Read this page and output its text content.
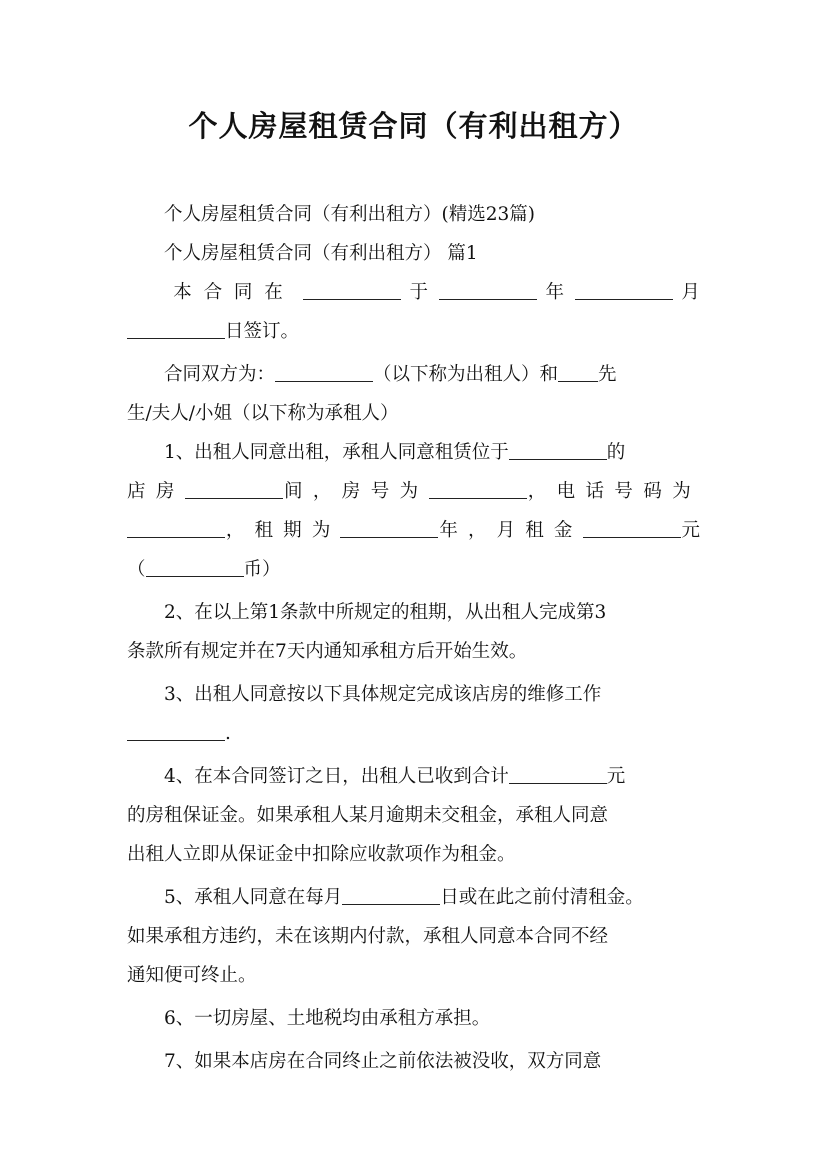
个人房屋租赁合同（有利出租方）
个人房屋租赁合同（有利出租方）(精选23篇)
个人房屋租赁合同（有利出租方） 篇1
本合同在	于	年	月
日签订。
合同双方为：	（以下称为出租人）和 先
生/夫人/小姐（以下称为承租人）
1、出租人同意出租，承租人同意租赁位于	的
店房	间，房号为	，电话号码为
，租期为	年，月租金	元
（	币）
2、在以上第1条款中所规定的租期，从出租人完成第3
条款所有规定并在7天内通知承租方后开始生效。
3、出租人同意按以下具体规定完成该店房的维修工作
.
4、在本合同签订之日，出租人已收到合计	元
的房租保证金。如果承租人某月逾期未交租金，承租人同意
出租人立即从保证金中扣除应收款项作为租金。
5、承租人同意在每月	日或在此之前付清租金。
如果承租方违约，未在该期内付款，承租人同意本合同不经
通知便可终止。
6、一切房屋、土地税均由承租方承担。
7、如果本店房在合同终止之前依法被没收，双方同意
